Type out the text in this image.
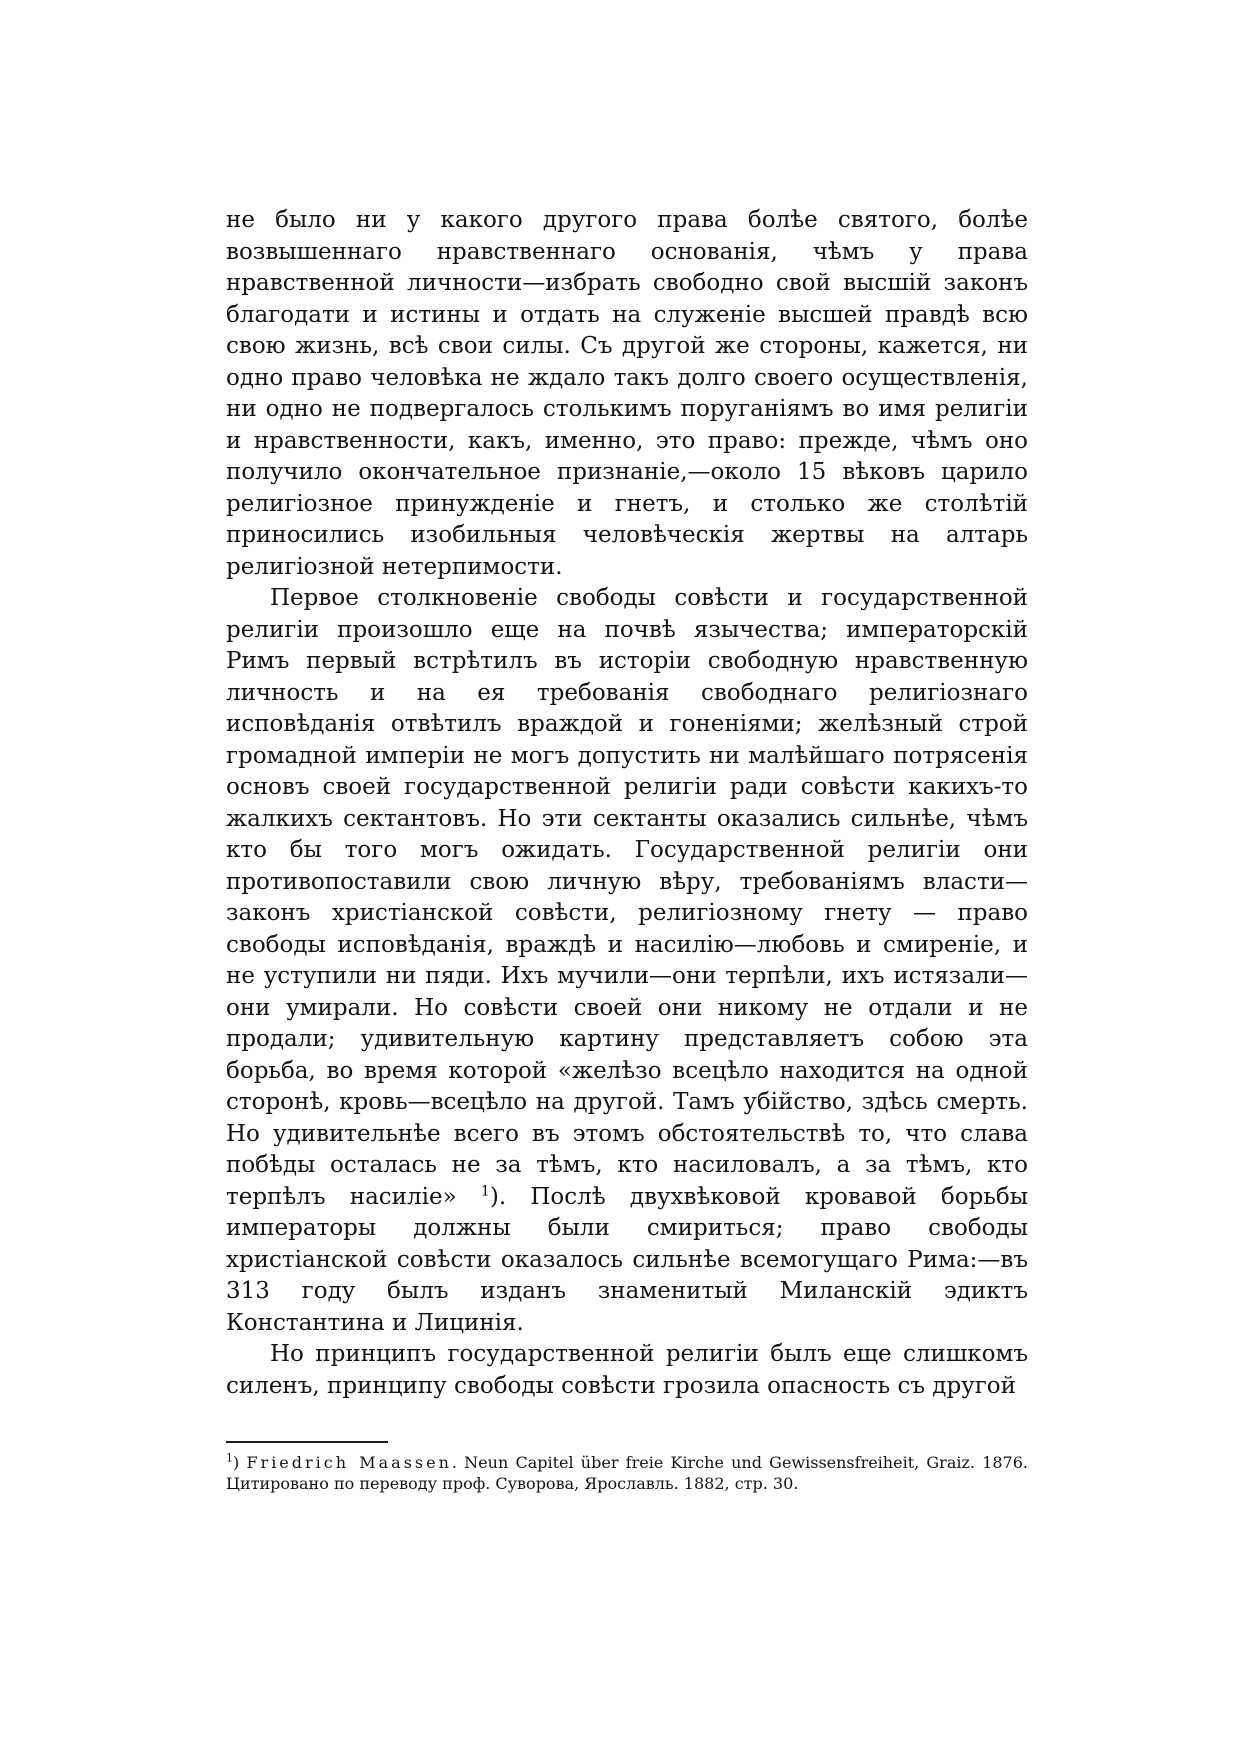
не было ни у какого другого права болѣе святого, болѣе возвышеннаго нравственнаго основанія, чѣмъ у права нравственной личности—избрать свободно свой высшій законъ благодати и истины и отдать на служеніе высшей правдѣ всю свою жизнь, всѣ свои силы. Съ другой же стороны, кажется, ни одно право человѣка не ждало такъ долго своего осуществленія, ни одно не подвергалось столькимъ поруганіямъ во имя религіи и нравственности, какъ, именно, это право: прежде, чѣмъ оно получило окончательное признаніе,—около 15 вѣковъ царило религіозное принужденіе и гнетъ, и столько же столѣтій приносились изобильныя человѣческія жертвы на алтарь религіозной нетерпимости.

Первое столкновеніе свободы совѣсти и государственной религіи произошло еще на почвѣ язычества; императорскій Римъ первый встрѣтилъ въ исторіи свободную нравственную личность и на ея требованія свободнаго религіознаго исповѣданія отвѣтилъ враждой и гоненіями; желѣзный строй громадной имперіи не могъ допустить ни малѣйшаго потрясенія основъ своей государственной религіи ради совѣсти какихъ-то жалкихъ сектантовъ. Но эти сектанты оказались сильнѣе, чѣмъ кто бы того могъ ожидать. Государственной религіи они противопоставили свою личную вѣру, требованіямъ власти—законъ христіанской совѣсти, религіозному гнету — право свободы исповѣданія, враждѣ и насилію—любовь и смиреніе, и не уступили ни пяди. Ихъ мучили—они терпѣли, ихъ истязали—они умирали. Но совѣсти своей они никому не отдали и не продали; удивительную картину представляетъ собою эта борьба, во время которой «желѣзо всецѣло находится на одной сторонѣ, кровь—всецѣло на другой. Тамъ убійство, здѣсь смерть. Но удивительнѣе всего въ этомъ обстоятельствѣ то, что слава побѣды осталась не за тѣмъ, кто насиловалъ, а за тѣмъ, кто терпѣлъ насиліе» $^1$). Послѣ двухвѣковой кровавой борьбы императоры должны были смириться; право свободы христіанской совѣсти оказалось сильнѣе всемогущаго Рима:—въ 313 году былъ изданъ знаменитый Миланскій эдиктъ Константина и Лицинія.

Но принципъ государственной религіи былъ еще слишкомъ силенъ, принципу свободы совѣсти грозила опасность съ другой

$^1$) Friedrich Maassen. Neun Capitel über freie Kirche und Gewissensfreiheit, Graiz. 1876. Цитировано по переводу проф. Суворова, Ярославль. 1882, стр. 30.
